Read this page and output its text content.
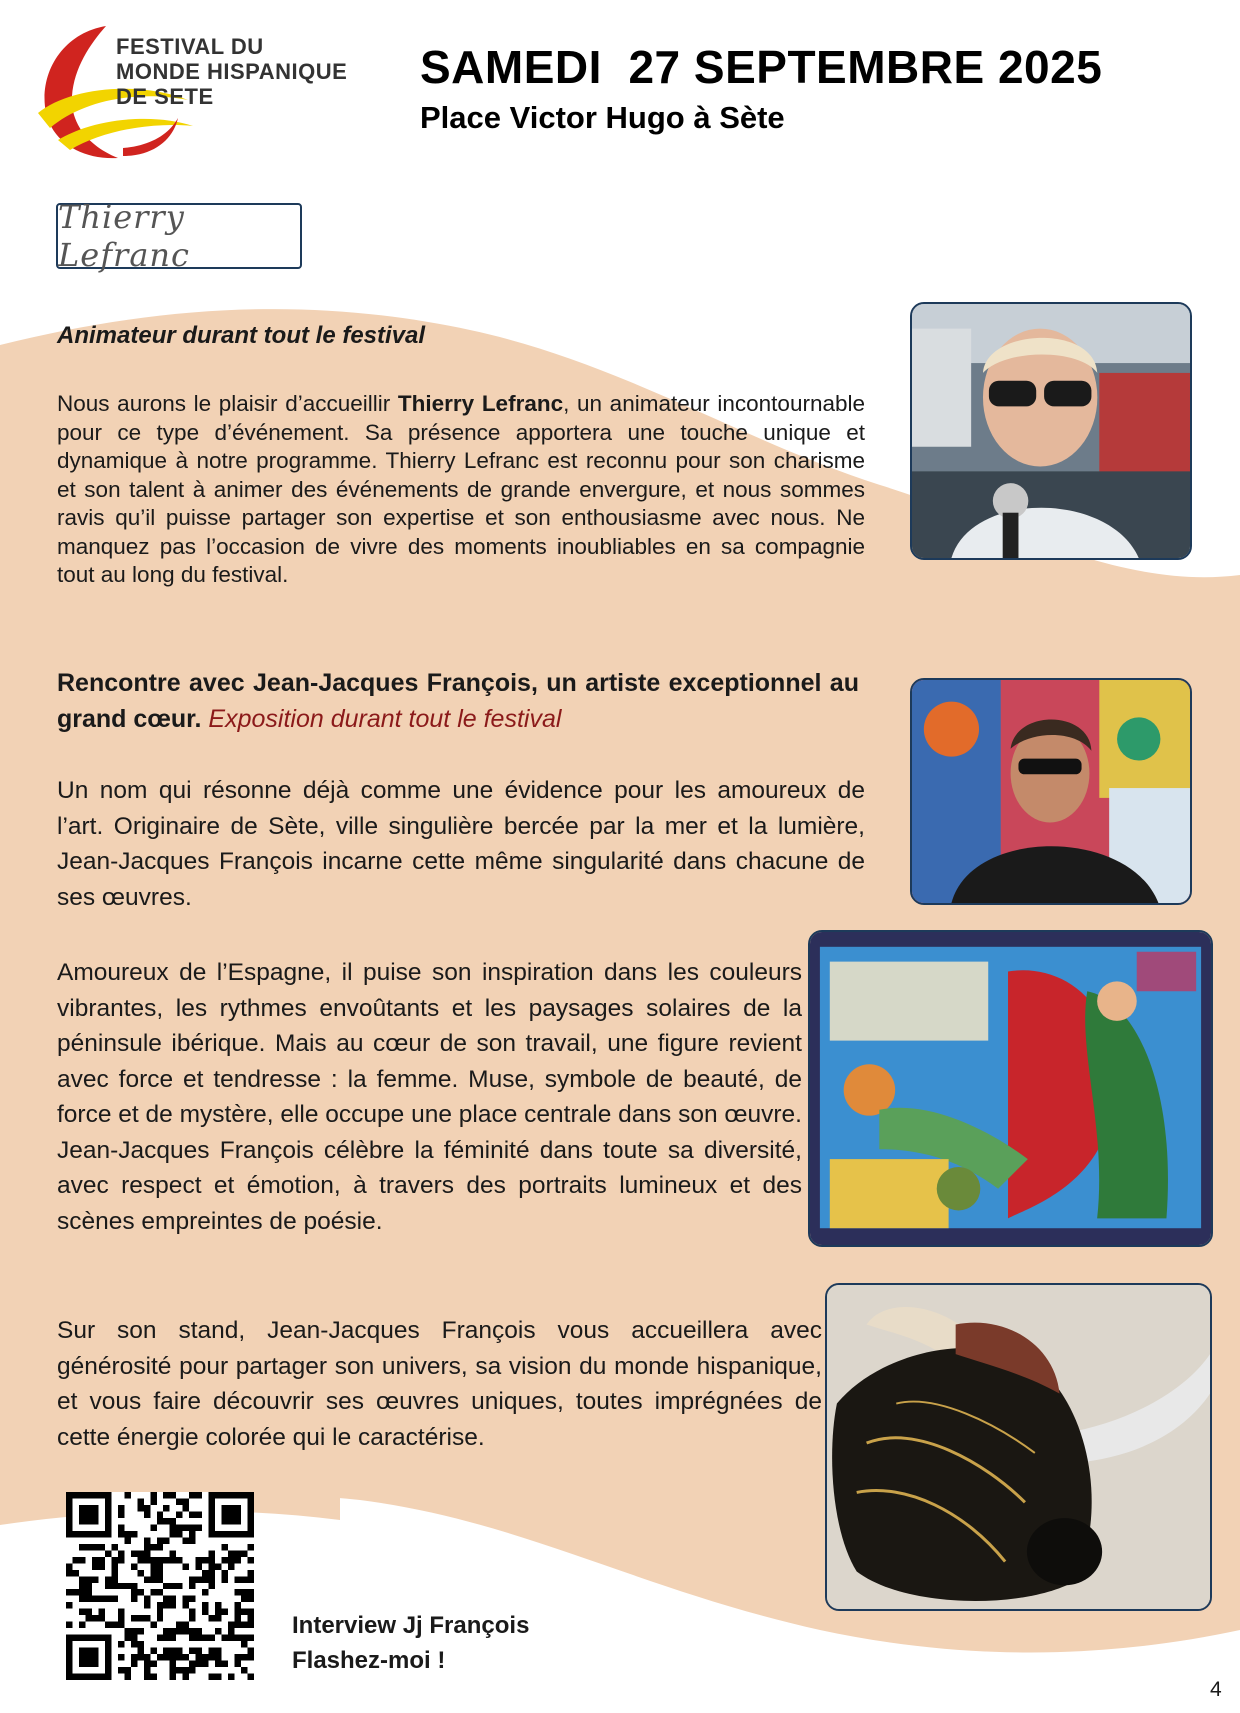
FESTIVAL DU
MONDE HISPANIQUE
DE SETE
SAMEDI  27 SEPTEMBRE 2025
Place Victor Hugo à Sète
Thierry Lefranc
Animateur durant tout le festival
Nous aurons le plaisir d’accueillir Thierry Lefranc, un animateur incontournable pour ce type d’événement. Sa présence apportera une touche unique et dynamique à notre programme. Thierry Lefranc est reconnu pour son charisme et son talent à animer des événements de grande envergure, et nous sommes ravis qu’il puisse partager son expertise et son enthousiasme avec nous. Ne manquez pas l’occasion de vivre des moments inoubliables en sa compagnie tout au long du festival.
Rencontre avec Jean-Jacques François, un artiste exceptionnel au grand cœur. Exposition durant tout le festival
Un nom qui résonne déjà comme une évidence pour les amoureux de l’art. Originaire de Sète, ville singulière bercée par la mer et la lumière, Jean-Jacques François incarne cette même singularité dans chacune de ses œuvres.
Amoureux de l’Espagne, il puise son inspiration dans les couleurs vibrantes, les rythmes envoûtants et les paysages solaires de la péninsule ibérique. Mais au cœur de son travail, une figure revient avec force et tendresse : la femme. Muse, symbole de beauté, de force et de mystère, elle occupe une place centrale dans son œuvre. Jean-Jacques François célèbre la féminité dans toute sa diversité, avec respect et émotion, à travers des portraits lumineux et des scènes empreintes de poésie.
Sur son stand, Jean-Jacques François vous accueillera avec générosité pour partager son univers, sa vision du monde hispanique, et vous faire découvrir ses œuvres uniques, toutes imprégnées de cette énergie colorée qui le caractérise.
Interview Jj François
Flashez-moi !
4
